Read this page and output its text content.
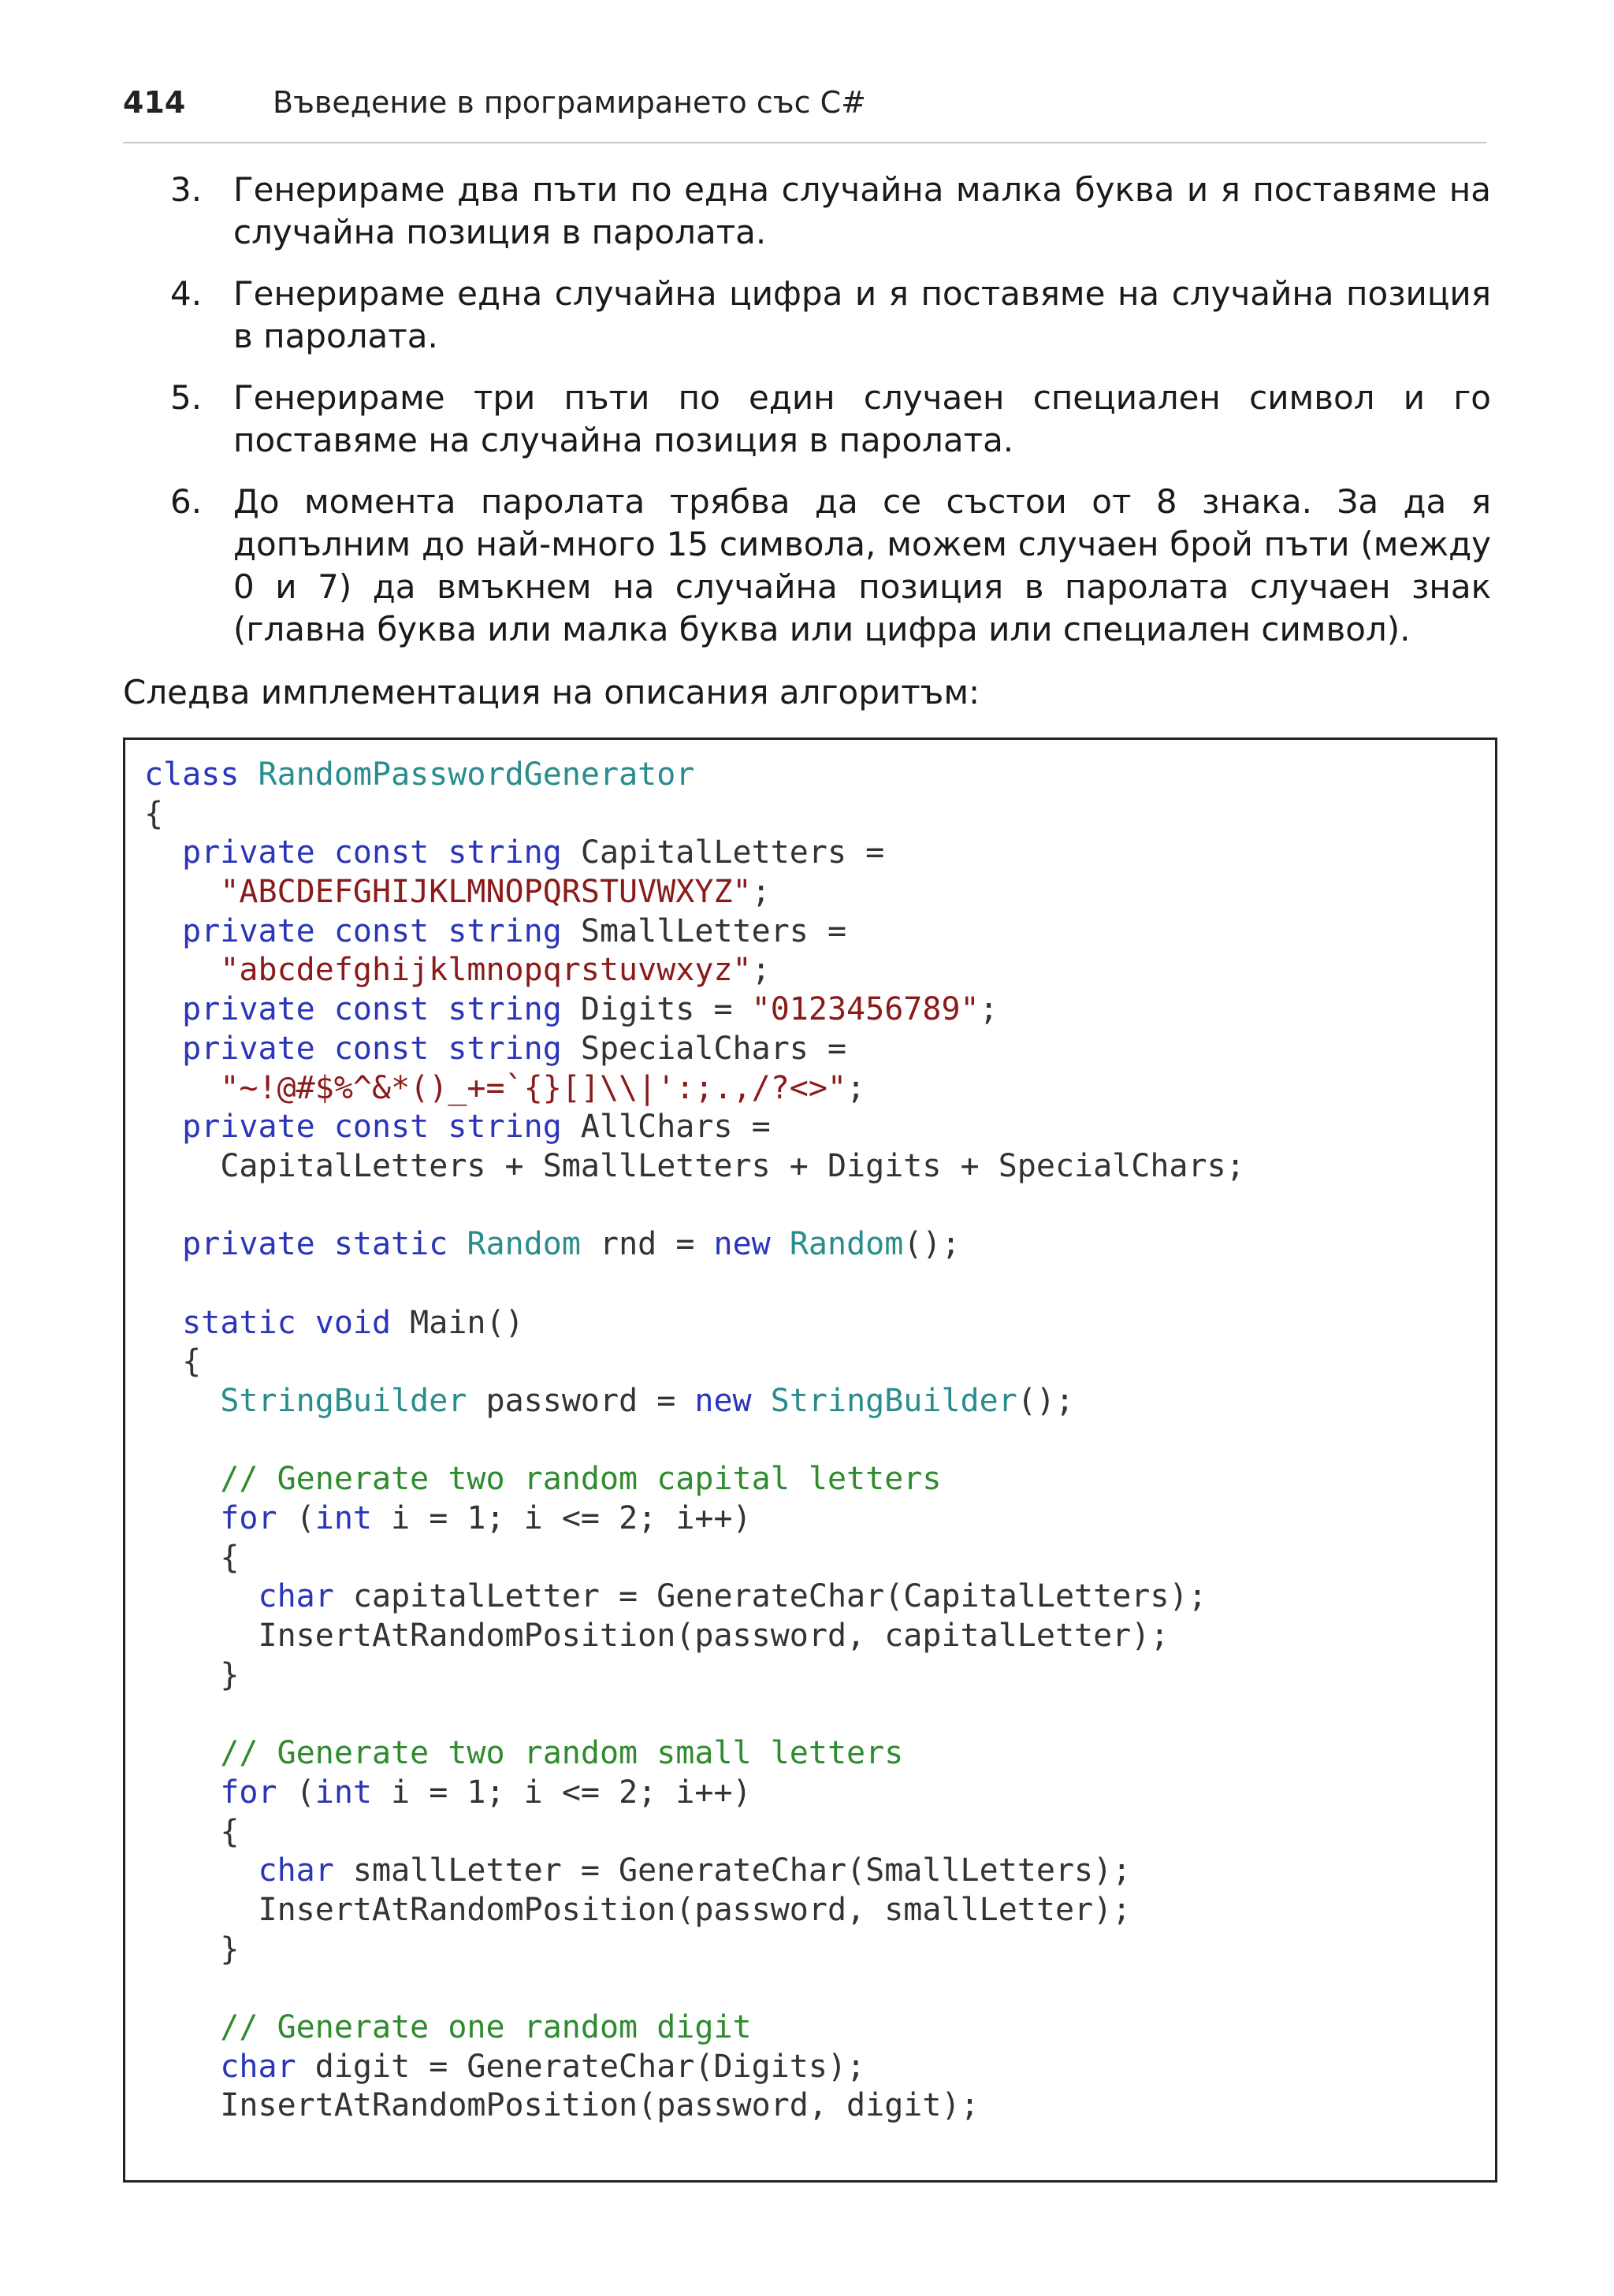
414	Въведение в програмирането със C#
3. Генерираме два пъти по една случайна малка буква и я поставяме на случайна позиция в паролата.
4. Генерираме една случайна цифра и я поставяме на случайна позиция в паролата.
5. Генерираме три пъти по един случаен специален символ и го поставяме на случайна позиция в паролата.
6. До момента паролата трябва да се състои от 8 знака. За да я допълним до най-много 15 символа, можем случаен брой пъти (между 0 и 7) да вмъкнем на случайна позиция в паролата случаен знак (главна буква или малка буква или цифра или специален символ).
Следва имплементация на описания алгоритъм:
class RandomPasswordGenerator
{
private const string CapitalLetters =
"ABCDEFGHIJKLMNOPQRSTUVWXYZ";
private const string SmallLetters =
"abcdefghijklmnopqrstuvwxyz";
private const string Digits = "0123456789";
private const string SpecialChars =
"~!@#$%^&*()_+=`{}[]\\|':;.,/?<>";
private const string AllChars =
CapitalLetters + SmallLetters + Digits + SpecialChars;
private static Random rnd = new Random();
static void Main()
{
StringBuilder password = new StringBuilder();
// Generate two random capital letters
for (int i = 1; i <= 2; i++)
{
char capitalLetter = GenerateChar(CapitalLetters);
InsertAtRandomPosition(password, capitalLetter);
}
// Generate two random small letters
for (int i = 1; i <= 2; i++)
{
char smallLetter = GenerateChar(SmallLetters);
InsertAtRandomPosition(password, smallLetter);
}
// Generate one random digit
char digit = GenerateChar(Digits);
InsertAtRandomPosition(password, digit);
